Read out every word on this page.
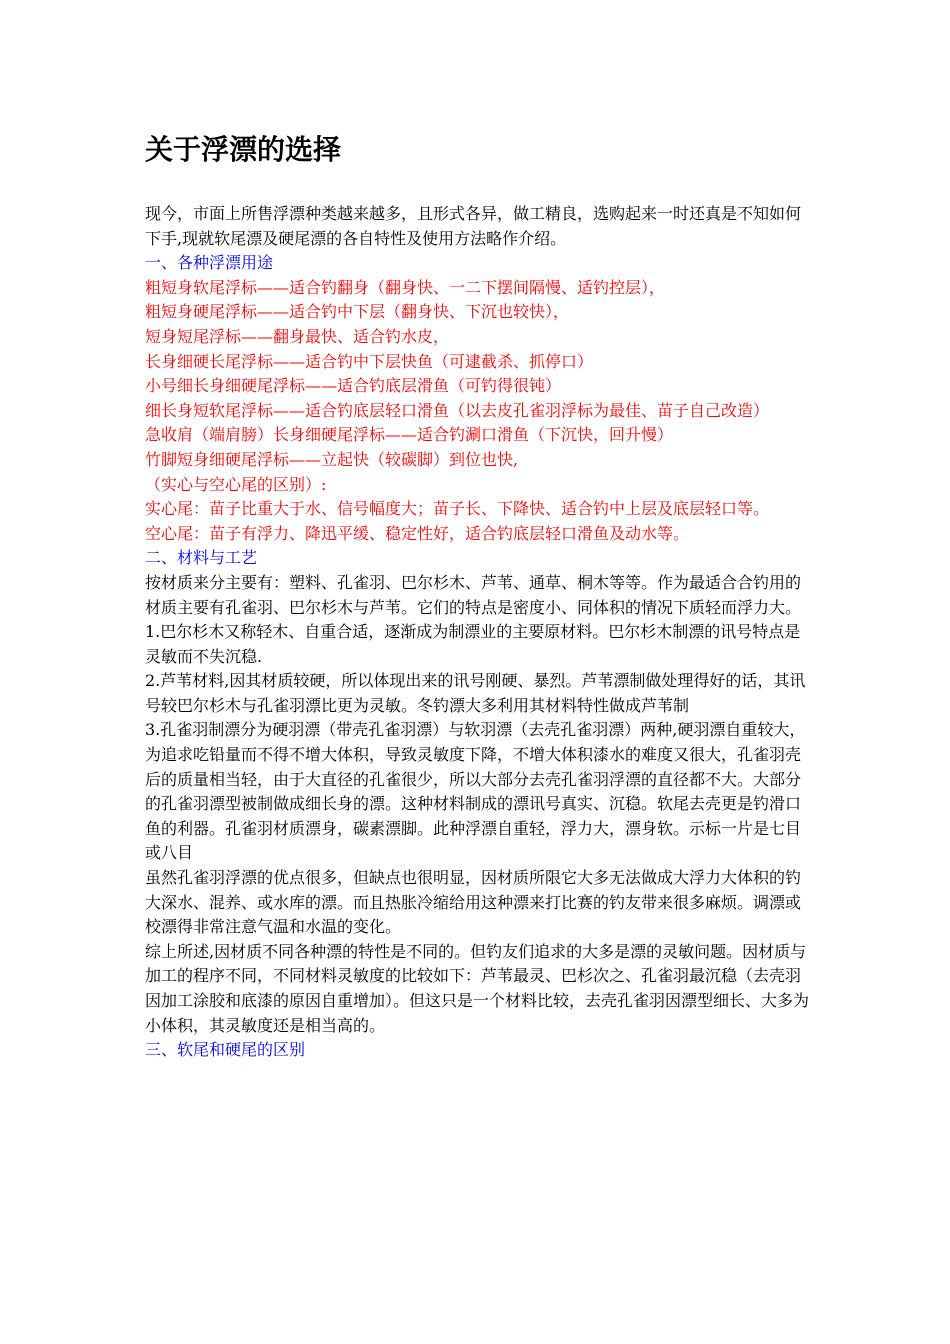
关于浮漂的选择

现今，市面上所售浮漂种类越来越多，且形式各异，做工精良，选购起来一时还真是不知如何下手,现就软尾漂及硬尾漂的各自特性及使用方法略作介绍。

一、各种浮漂用途

粗短身软尾浮标——适合钓翻身（翻身快、一二下摆间隔慢、适钓控层），

粗短身硬尾浮标——适合钓中下层（翻身快、下沉也较快），

短身短尾浮标——翻身最快、适合钓水皮，

长身细硬长尾浮标——适合钓中下层快鱼（可逮截杀、抓停口）

小号细长身细硬尾浮标——适合钓底层滑鱼（可钓得很钝）

细长身短软尾浮标——适合钓底层轻口滑鱼（以去皮孔雀羽浮标为最佳、苗子自己改造）

急收肩（端肩膀）长身细硬尾浮标——适合钓涮口滑鱼（下沉快，回升慢）

竹脚短身细硬尾浮标——立起快（较碳脚）到位也快,

（实心与空心尾的区别）:

实心尾：苗子比重大于水、信号幅度大；苗子长、下降快、适合钓中上层及底层轻口等。

空心尾：苗子有浮力、降迅平缓、稳定性好，适合钓底层轻口滑鱼及动水等。

二、材料与工艺

按材质来分主要有：塑料、孔雀羽、巴尔杉木、芦苇、通草、桐木等等。作为最适合合钓用的材质主要有孔雀羽、巴尔杉木与芦苇。它们的特点是密度小、同体积的情况下质轻而浮力大。

1.巴尔杉木又称轻木、自重合适，逐渐成为制漂业的主要原材料。巴尔杉木制漂的讯号特点是灵敏而不失沉稳.

2.芦苇材料,因其材质较硬，所以体现出来的讯号刚硬、暴烈。芦苇漂制做处理得好的话，其讯号较巴尔杉木与孔雀羽漂比更为灵敏。冬钓漂大多利用其材料特性做成芦苇制

3.孔雀羽制漂分为硬羽漂（带壳孔雀羽漂）与软羽漂（去壳孔雀羽漂）两种,硬羽漂自重较大，为追求吃铅量而不得不增大体积，导致灵敏度下降，不增大体积漆水的难度又很大，孔雀羽壳后的质量相当轻，由于大直径的孔雀很少，所以大部分去壳孔雀羽浮漂的直径都不大。大部分的孔雀羽漂型被制做成细长身的漂。这种材料制成的漂讯号真实、沉稳。软尾去壳更是钓滑口鱼的利器。孔雀羽材质漂身，碳素漂脚。此种浮漂自重轻，浮力大，漂身软。示标一片是七目或八目

虽然孔雀羽浮漂的优点很多，但缺点也很明显，因材质所限它大多无法做成大浮力大体积的钓大深水、混养、或水库的漂。而且热胀冷缩给用这种漂来打比赛的钓友带来很多麻烦。调漂或校漂得非常注意气温和水温的变化。

综上所述,因材质不同各种漂的特性是不同的。但钓友们追求的大多是漂的灵敏问题。因材质与加工的程序不同，不同材料灵敏度的比较如下：芦苇最灵、巴杉次之、孔雀羽最沉稳（去壳羽因加工涂胶和底漆的原因自重增加）。但这只是一个材料比较，去壳孔雀羽因漂型细长、大多为小体积，其灵敏度还是相当高的。

三、软尾和硬尾的区别
